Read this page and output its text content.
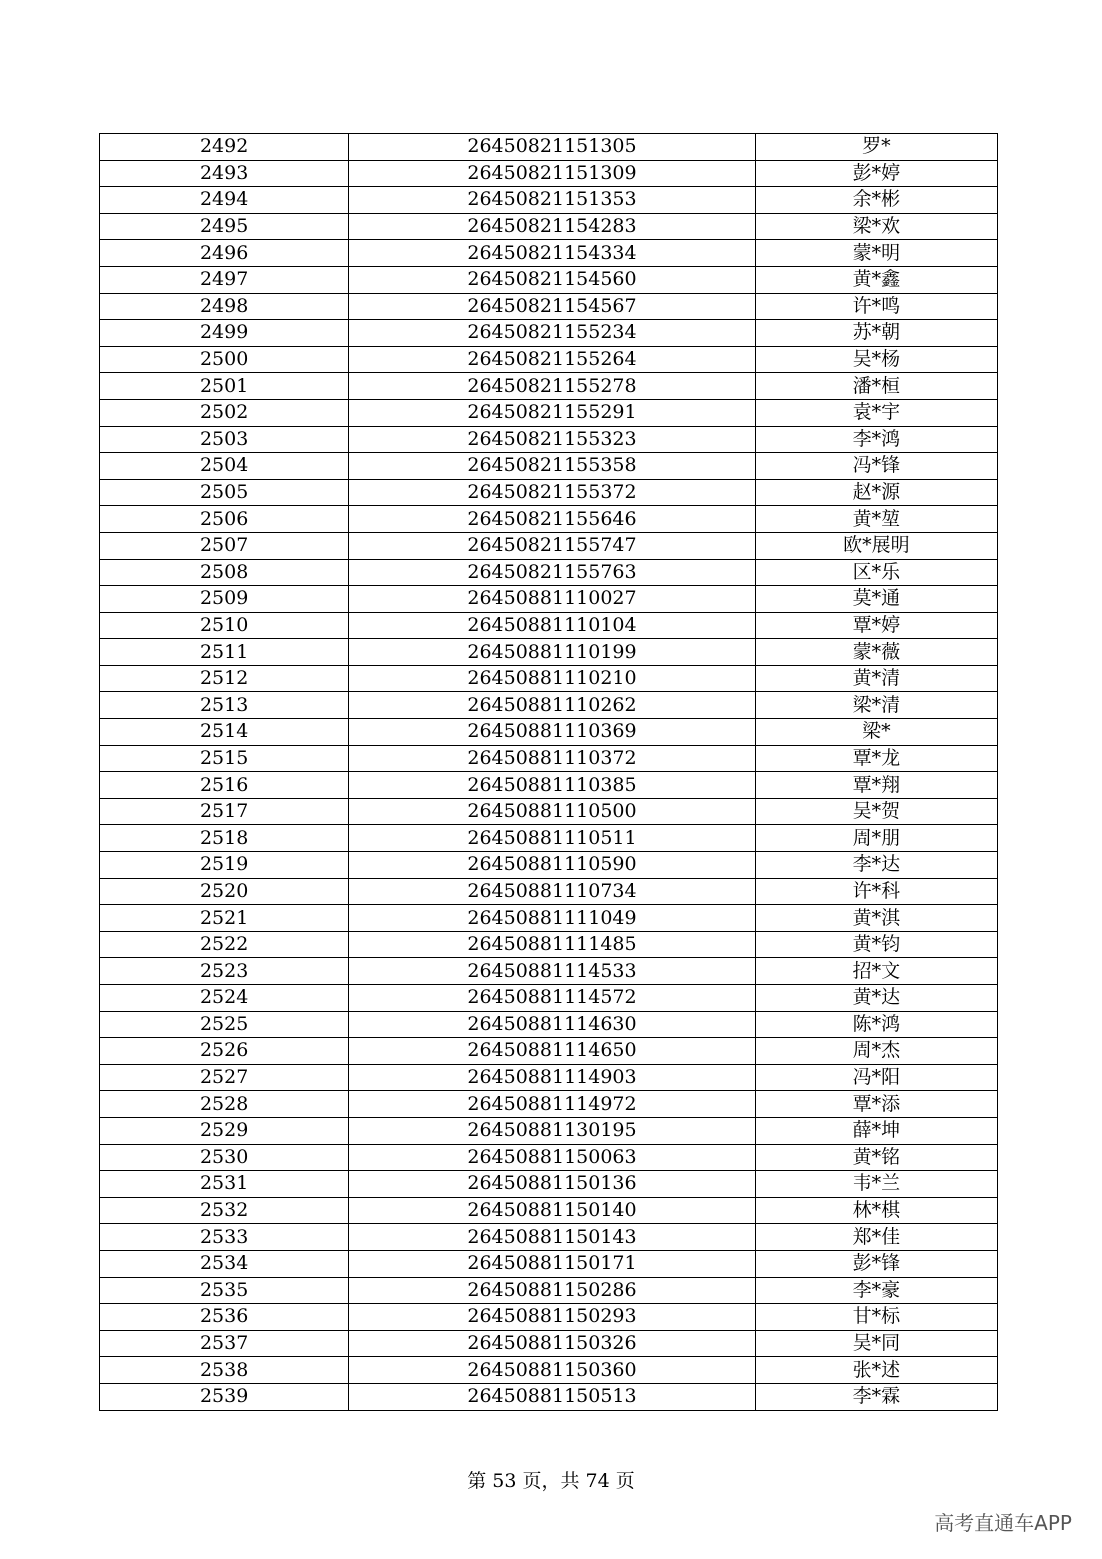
2492	26450821151305	罗*
2493	26450821151309	彭*婷
2494	26450821151353	余*彬
2495	26450821154283	梁*欢
2496	26450821154334	蒙*明
2497	26450821154560	黄*鑫
2498	26450821154567	许*鸣
2499	26450821155234	苏*朝
2500	26450821155264	吴*杨
2501	26450821155278	潘*桓
2502	26450821155291	袁*宇
2503	26450821155323	李*鸿
2504	26450821155358	冯*锋
2505	26450821155372	赵*源
2506	26450821155646	黄*堃
2507	26450821155747	欧*展明
2508	26450821155763	区*乐
2509	26450881110027	莫*通
2510	26450881110104	覃*婷
2511	26450881110199	蒙*薇
2512	26450881110210	黄*清
2513	26450881110262	梁*清
2514	26450881110369	梁*
2515	26450881110372	覃*龙
2516	26450881110385	覃*翔
2517	26450881110500	吴*贺
2518	26450881110511	周*朋
2519	26450881110590	李*达
2520	26450881110734	许*科
2521	26450881111049	黄*淇
2522	26450881111485	黄*钧
2523	26450881114533	招*文
2524	26450881114572	黄*达
2525	26450881114630	陈*鸿
2526	26450881114650	周*杰
2527	26450881114903	冯*阳
2528	26450881114972	覃*添
2529	26450881130195	薛*坤
2530	26450881150063	黄*铭
2531	26450881150136	韦*兰
2532	26450881150140	林*棋
2533	26450881150143	郑*佳
2534	26450881150171	彭*锋
2535	26450881150286	李*豪
2536	26450881150293	甘*标
2537	26450881150326	吴*同
2538	26450881150360	张*述
2539	26450881150513	李*霖
第 53 页，共 74 页
高考直通车APP
